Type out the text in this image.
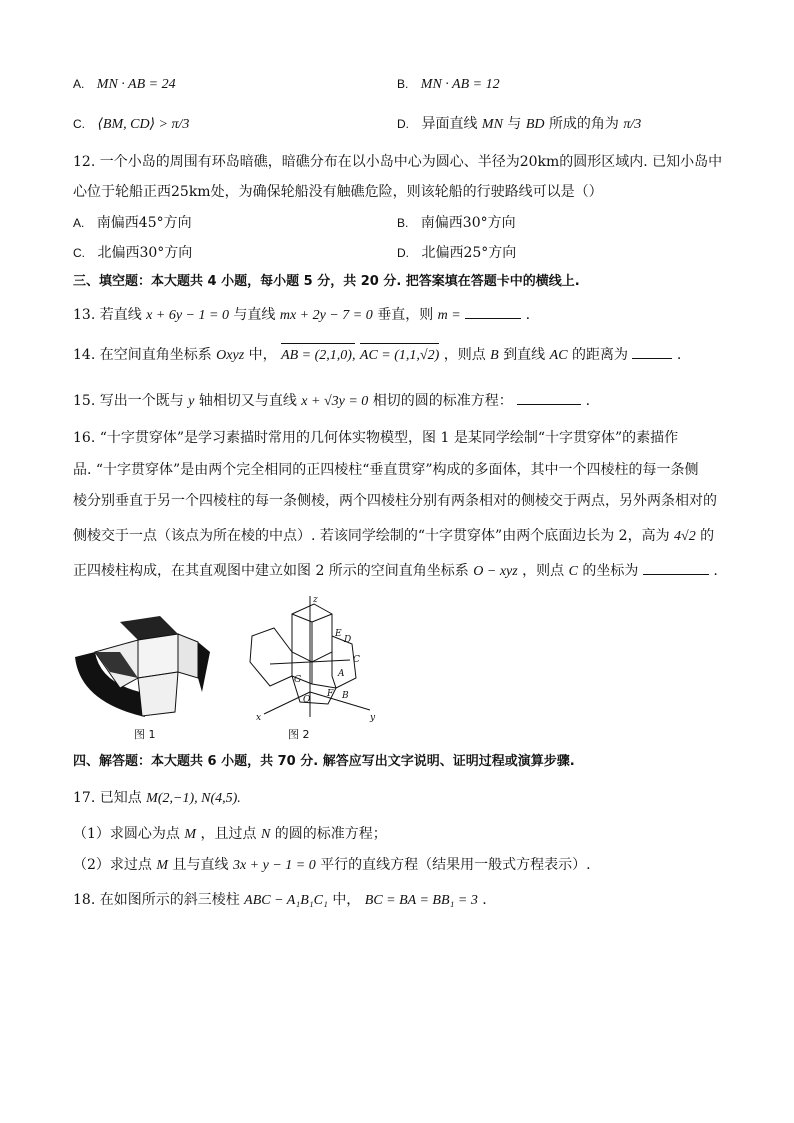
A. MN · AB = 24	B. MN · AB = 12
C. ⟨BM, CD⟩ > π/3	D. 异面直线 MN 与 BD 所成的角为 π/3
12. 一个小岛的周围有环岛暗礁，暗礁分布在以小岛中心为圆心、半径为20km的圆形区域内. 已知小岛中
心位于轮船正西25km处，为确保轮船没有触礁危险，则该轮船的行驶路线可以是（）
A. 南偏西45°方向	B. 南偏西30°方向
C. 北偏西30°方向	D. 北偏西25°方向
三、填空题：本大题共 4 小题，每小题 5 分，共 20 分. 把答案填在答题卡中的横线上.
13. 若直线 x + 6y − 1 = 0 与直线 mx + 2y − 7 = 0 垂直，则 m =	.
14. 在空间直角坐标系 Oxyz 中， AB = (2,1,0), AC = (1,1,√2) ，则点 B 到直线 AC 的距离为	.
15. 写出一个既与 y 轴相切又与直线 x + √3y = 0 相切的圆的标准方程：	.
16. “十字贯穿体”是学习素描时常用的几何体实物模型，图 1 是某同学绘制“十字贯穿体”的素描作
品. “十字贯穿体”是由两个完全相同的正四棱柱“垂直贯穿”构成的多面体，其中一个四棱柱的每一条侧
棱分别垂直于另一个四棱柱的每一条侧棱，两个四棱柱分别有两条相对的侧棱交于两点，另外两条相对的
侧棱交于一点（该点为所在棱的中点）. 若该同学绘制的“十字贯穿体”由两个底面边长为 2，高为 4√2 的
正四棱柱构成，在其直观图中建立如图 2 所示的空间直角坐标系 O − xyz ，则点 C 的坐标为	.
图 1
z
x	y
E
D
C
A
G
O
F B
图 2
四、解答题：本大题共 6 小题，共 70 分. 解答应写出文字说明、证明过程或演算步骤.
17. 已知点 M(2,−1), N(4,5).
（1）求圆心为点 M ，且过点 N 的圆的标准方程；
（2）求过点 M 且与直线 3x + y − 1 = 0 平行的直线方程（结果用一般式方程表示）.
18. 在如图所示的斜三棱柱 ABC − A₁B₁C₁ 中， BC = BA = BB₁ = 3 .
